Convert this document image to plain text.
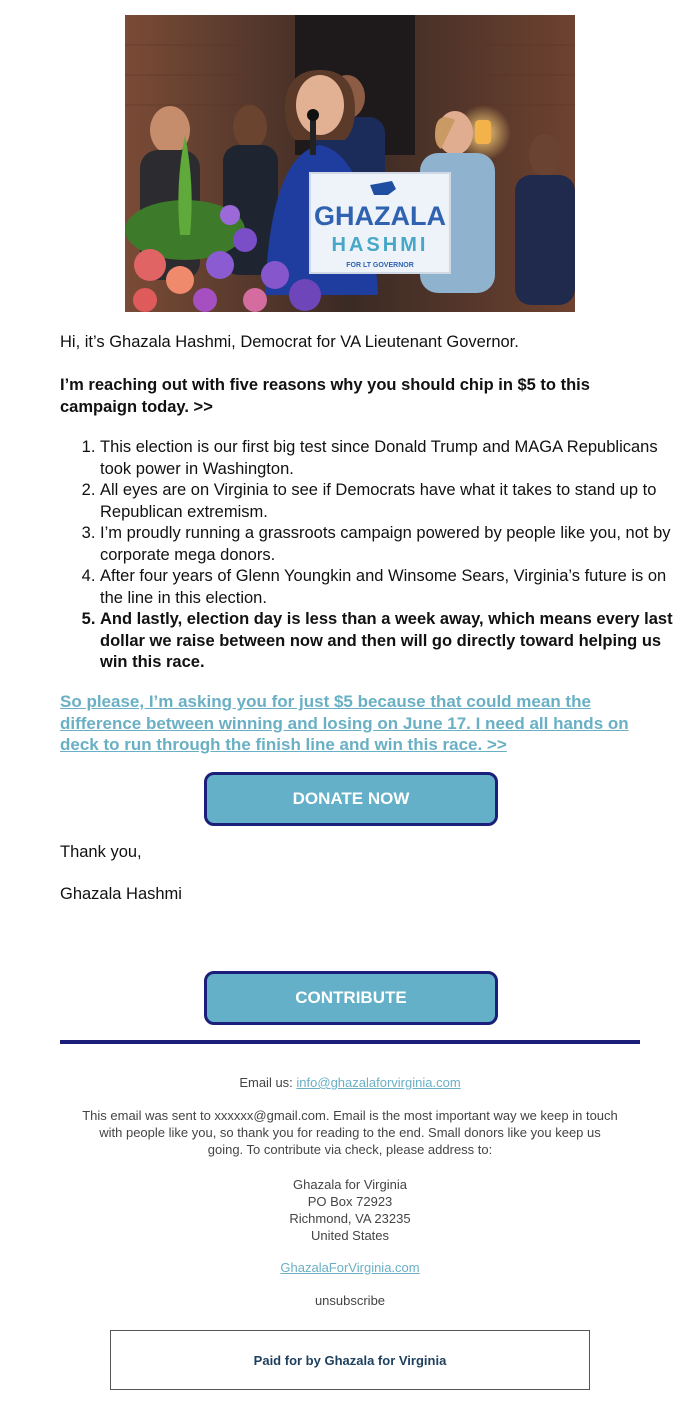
GHAZALA
HASHMI
FOR LT GOVERNOR
Hi, it’s Ghazala Hashmi, Democrat for VA Lieutenant Governor.
I’m reaching out with five reasons why you should chip in $5 to this campaign today. >>
1. This election is our first big test since Donald Trump and MAGA Republicans took power in Washington.
2. All eyes are on Virginia to see if Democrats have what it takes to stand up to Republican extremism.
3. I’m proudly running a grassroots campaign powered by people like you, not by corporate mega donors.
4. After four years of Glenn Youngkin and Winsome Sears, Virginia’s future is on the line in this election.
5. And lastly, election day is less than a week away, which means every last dollar we raise between now and then will go directly toward helping us win this race.
So please, I’m asking you for just $5 because that could mean the difference between winning and losing on June 17. I need all hands on deck to run through the finish line and win this race. >>
DONATE NOW
Thank you,
Ghazala Hashmi
CONTRIBUTE
Email us: info@ghazalaforvirginia.com
This email was sent to xxxxxx@gmail.com. Email is the most important way we keep in touch with people like you, so thank you for reading to the end. Small donors like you keep us going. To contribute via check, please address to:
Ghazala for Virginia
PO Box 72923
Richmond, VA 23235
United States
GhazalaForVirginia.com
unsubscribe
Paid for by Ghazala for Virginia
